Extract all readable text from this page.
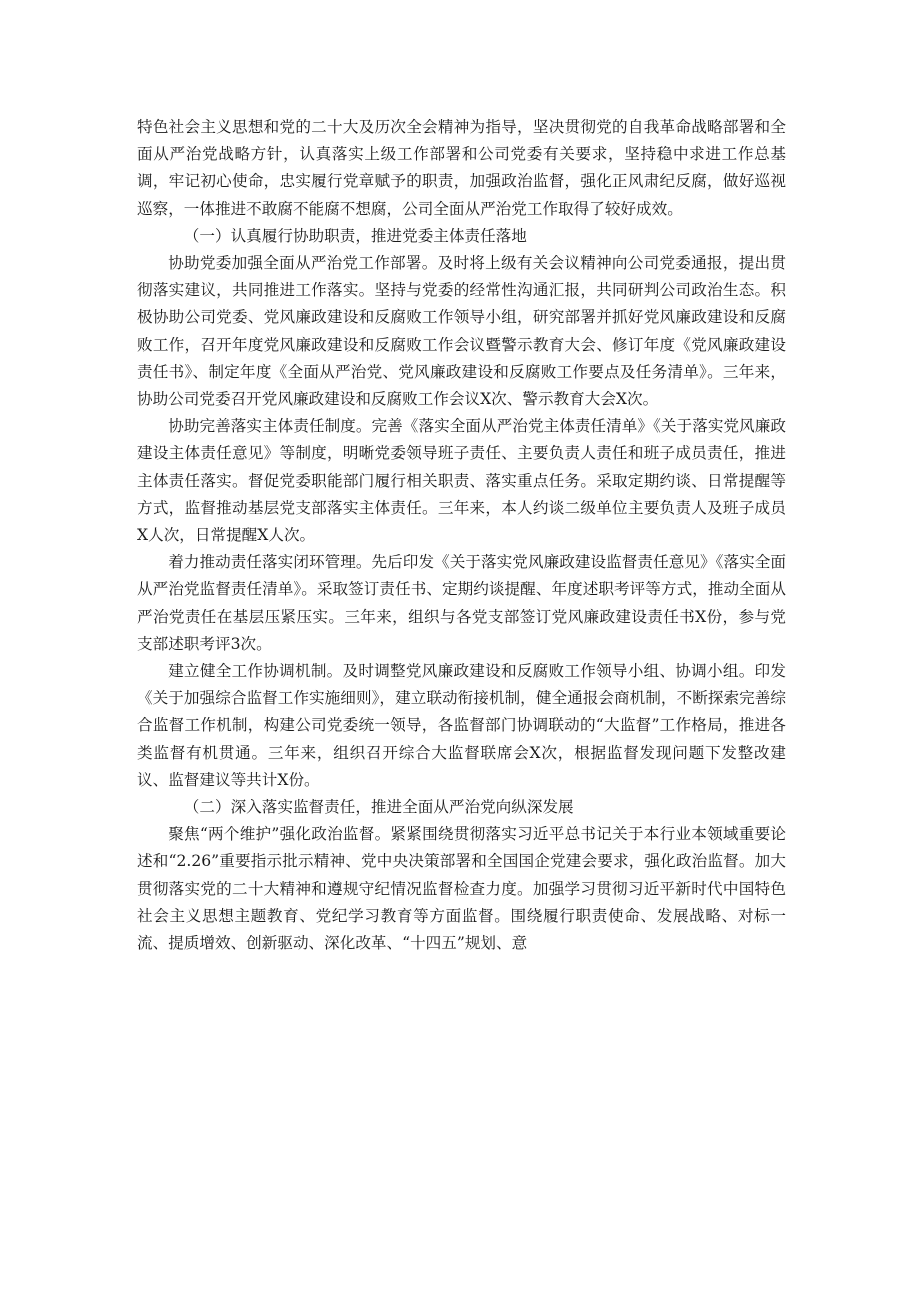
特色社会主义思想和党的二十大及历次全会精神为指导，坚决贯彻党的自我革命战略部署和全面从严治党战略方针，认真落实上级工作部署和公司党委有关要求，坚持稳中求进工作总基调，牢记初心使命，忠实履行党章赋予的职责，加强政治监督，强化正风肃纪反腐，做好巡视巡察，一体推进不敢腐不能腐不想腐，公司全面从严治党工作取得了较好成效。

（一）认真履行协助职责，推进党委主体责任落地

协助党委加强全面从严治党工作部署。及时将上级有关会议精神向公司党委通报，提出贯彻落实建议，共同推进工作落实。坚持与党委的经常性沟通汇报，共同研判公司政治生态。积极协助公司党委、党风廉政建设和反腐败工作领导小组，研究部署并抓好党风廉政建设和反腐败工作，召开年度党风廉政建设和反腐败工作会议暨警示教育大会、修订年度《党风廉政建设责任书》、制定年度《全面从严治党、党风廉政建设和反腐败工作要点及任务清单》。三年来，协助公司党委召开党风廉政建设和反腐败工作会议X次、警示教育大会X次。

协助完善落实主体责任制度。完善《落实全面从严治党主体责任清单》《关于落实党风廉政建设主体责任意见》等制度，明晰党委领导班子责任、主要负责人责任和班子成员责任，推进主体责任落实。督促党委职能部门履行相关职责、落实重点任务。采取定期约谈、日常提醒等方式，监督推动基层党支部落实主体责任。三年来，本人约谈二级单位主要负责人及班子成员X人次，日常提醒X人次。

着力推动责任落实闭环管理。先后印发《关于落实党风廉政建设监督责任意见》《落实全面从严治党监督责任清单》。采取签订责任书、定期约谈提醒、年度述职考评等方式，推动全面从严治党责任在基层压紧压实。三年来，组织与各党支部签订党风廉政建设责任书X份，参与党支部述职考评3次。

建立健全工作协调机制。及时调整党风廉政建设和反腐败工作领导小组、协调小组。印发《关于加强综合监督工作实施细则》，建立联动衔接机制，健全通报会商机制，不断探索完善综合监督工作机制，构建公司党委统一领导，各监督部门协调联动的“大监督”工作格局，推进各类监督有机贯通。三年来，组织召开综合大监督联席会X次，根据监督发现问题下发整改建议、监督建议等共计X份。

（二）深入落实监督责任，推进全面从严治党向纵深发展

聚焦“两个维护”强化政治监督。紧紧围绕贯彻落实习近平总书记关于本行业本领域重要论述和“2.26”重要指示批示精神、党中央决策部署和全国国企党建会要求，强化政治监督。加大贯彻落实党的二十大精神和遵规守纪情况监督检查力度。加强学习贯彻习近平新时代中国特色社会主义思想主题教育、党纪学习教育等方面监督。围绕履行职责使命、发展战略、对标一流、提质增效、创新驱动、深化改革、“十四五”规划、意
